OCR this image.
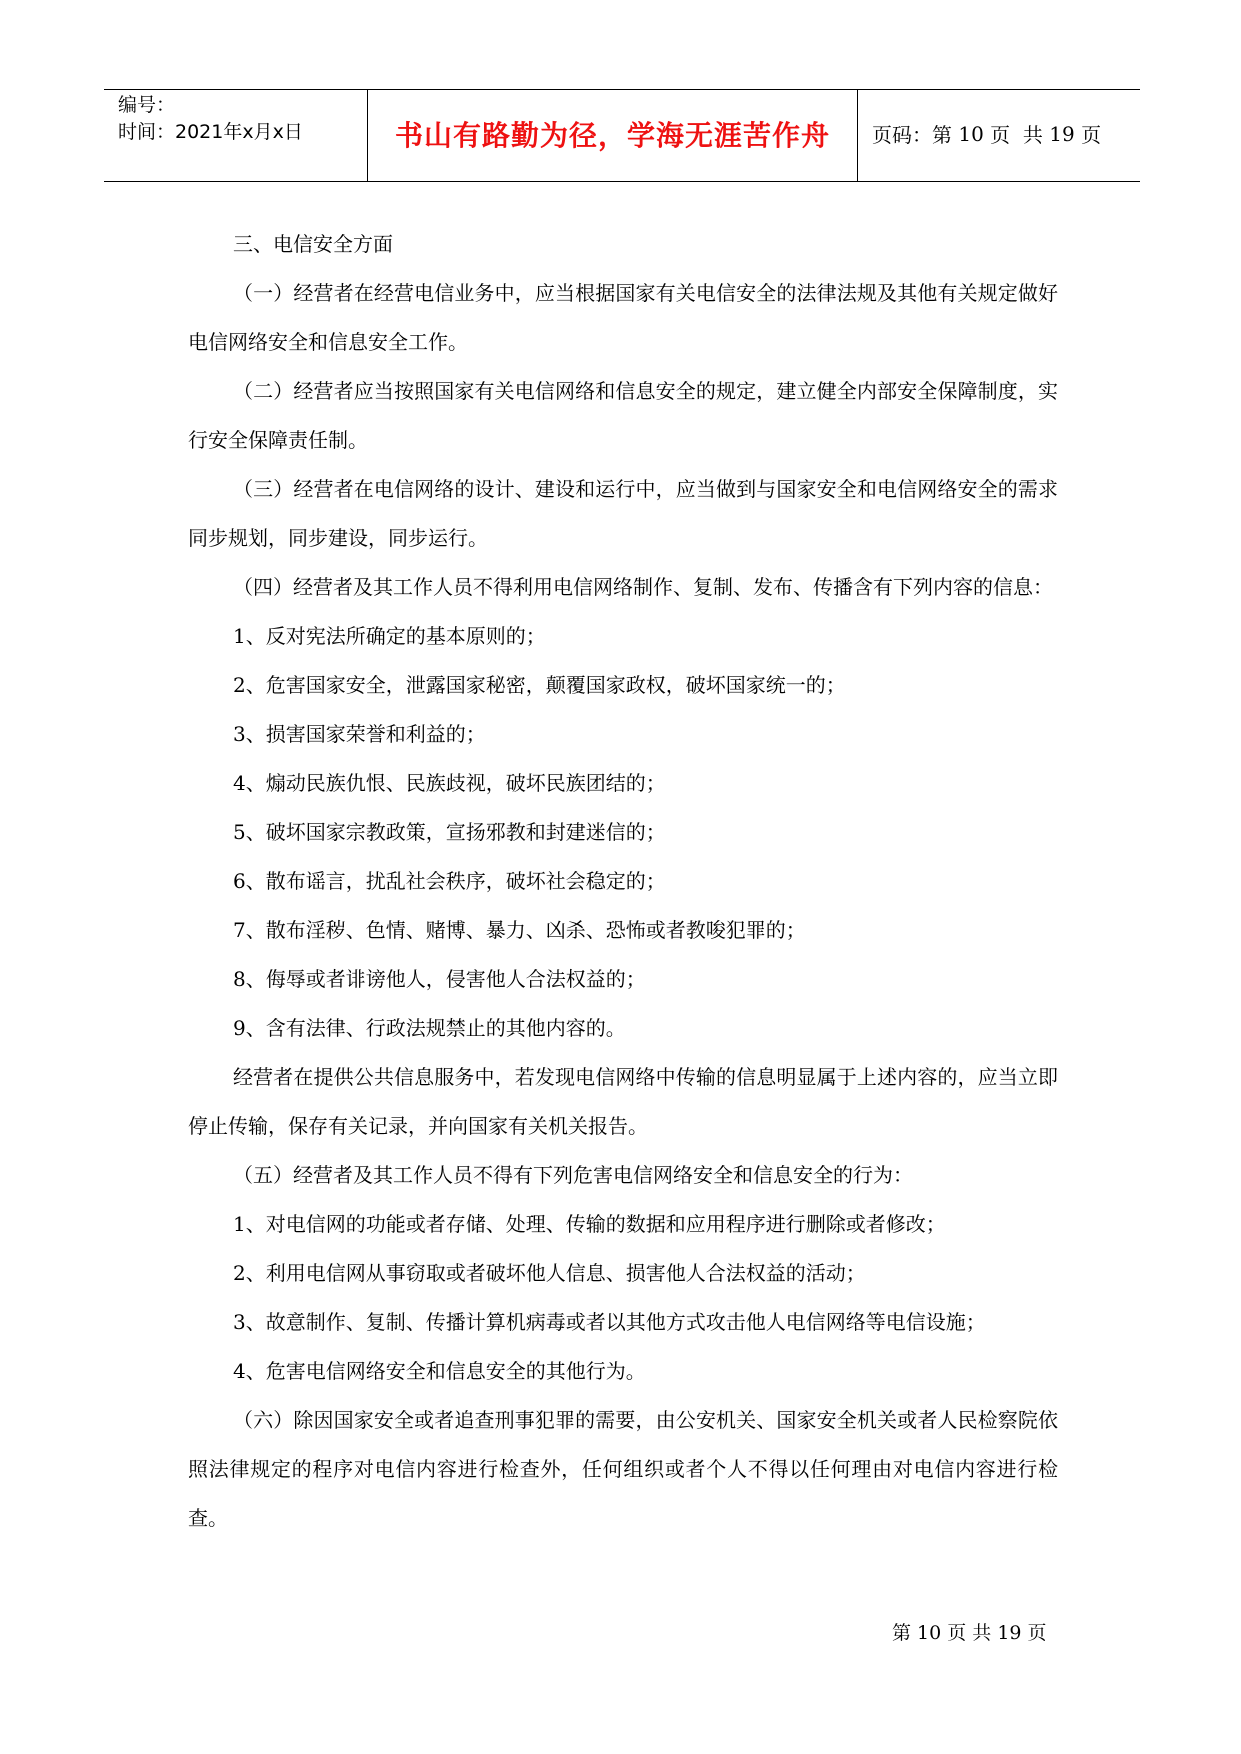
编号：
时间：2021年x月x日	书山有路勤为径，学海无涯苦作舟	页码：第
10
页  共
19
页

三、电信安全方面

（一）经营者在经营电信业务中，应当根据国家有关电信安全的法律法规及其他有关规定做好电信网络安全和信息安全工作。

（二）经营者应当按照国家有关电信网络和信息安全的规定，建立健全内部安全保障制度，实行安全保障责任制。

（三）经营者在电信网络的设计、建设和运行中，应当做到与国家安全和电信网络安全的需求同步规划，同步建设，同步运行。

（四）经营者及其工作人员不得利用电信网络制作、复制、发布、传播含有下列内容的信息：

1、反对宪法所确定的基本原则的；

2、危害国家安全，泄露国家秘密，颠覆国家政权，破坏国家统一的；

3、损害国家荣誉和利益的；

4、煽动民族仇恨、民族歧视，破坏民族团结的；

5、破坏国家宗教政策，宣扬邪教和封建迷信的；

6、散布谣言，扰乱社会秩序，破坏社会稳定的；

7、散布淫秽、色情、赌博、暴力、凶杀、恐怖或者教唆犯罪的；

8、侮辱或者诽谤他人，侵害他人合法权益的；

9、含有法律、行政法规禁止的其他内容的。

经营者在提供公共信息服务中，若发现电信网络中传输的信息明显属于上述内容的，应当立即停止传输，保存有关记录，并向国家有关机关报告。

（五）经营者及其工作人员不得有下列危害电信网络安全和信息安全的行为：

1、对电信网的功能或者存储、处理、传输的数据和应用程序进行删除或者修改；

2、利用电信网从事窃取或者破坏他人信息、损害他人合法权益的活动；

3、故意制作、复制、传播计算机病毒或者以其他方式攻击他人电信网络等电信设施；

4、危害电信网络安全和信息安全的其他行为。

（六）除因国家安全或者追查刑事犯罪的需要，由公安机关、国家安全机关或者人民检察院依照法律规定的程序对电信内容进行检查外，任何组织或者个人不得以任何理由对电信内容进行检查。

第 10 页 共 19 页
